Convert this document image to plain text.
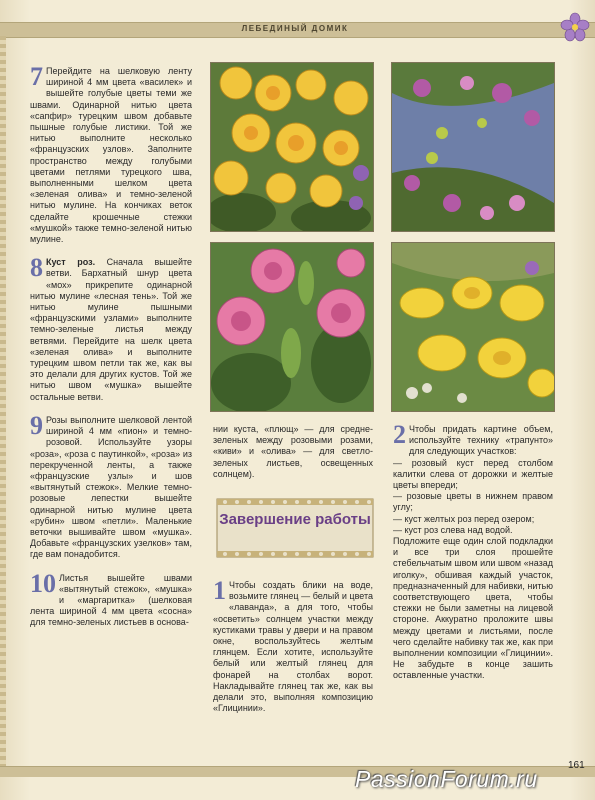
ЛЕБЕДИНЫЙ ДОМИК
7 Перейдите на шелковую ленту шириной 4 мм цвета «василек» и вышейте голубые цветы теми же швами. Одинарной нитью цвета «сапфир» турецким швом добавьте пышные голубые листики. Той же нитью выполните несколько «французских узлов». Заполните пространство между голубыми цветами петлями турецкого шва, выполненными шелком цвета «зеленая олива» и темно-зеленой нитью мулине. На кончиках веток сделайте крошечные стежки «мушкой» также темно-зеленой нитью мулине.
8 Куст роз. Сначала вышейте ветви. Бархатный шнур цвета «мох» прикрепите одинарной нитью мулине «лесная тень». Той же нитью мулине пышными «французскими узлами» выполните темно-зеленые листья между ветвями. Перейдите на шелк цвета «зеленая олива» и выполните турецким швом петли так же, как вы это делали для других кустов. Той же нитью швом «мушка» вышейте остальные ветви.
9 Розы выполните шелковой лентой шириной 4 мм «пион» и темно-розовой. Используйте узоры «роза», «роза с паутинкой», «роза» из перекрученной ленты, а также «французские узлы» и шов «вытянутый стежок». Мелкие темно-розовые лепестки вышейте одинарной нитью мулине цвета «рубин» швом «петли». Маленькие веточки вышивайте швом «мушка». Добавьте «французских узелков» там, где вам понадобится.
10 Листья вышейте швами «вытянутый стежок», «мушка» и «маргаритка» (шелковая лента шириной 4 мм цвета «сосна» для темно-зеленых листьев в основа-
нии куста, «плющ» — для средне-зеленых между розовыми розами, «киви» и «олива» — для светло-зеленых листьев, освещенных солнцем).
Завершение работы
1 Чтобы создать блики на воде, возьмите глянец — белый и цвета «лаванда», а для того, чтобы «осветить» солнцем участки между кустиками травы у двери и на правом окне, воспользуйтесь желтым глянцем. Если хотите, используйте белый или желтый глянец для фонарей на столбах ворот. Накладывайте глянец так же, как вы делали это, выполняя композицию «Глицинии».
2 Чтобы придать картине объем, используйте технику «трапунто» для следующих участков:
— розовый куст перед столбом калитки слева от дорожки и желтые цветы впереди;
— розовые цветы в нижнем правом углу;
— куст желтых роз перед озером;
— куст роз слева над водой.
Подложите еще один слой подкладки и все три слоя прошейте стебельчатым швом или швом «назад иголку», обшивая каждый участок, предназначенный для набивки, нитью соответствующего цвета, чтобы стежки не были заметны на лицевой стороне. Аккуратно проложите швы между цветами и листьями, после чего сделайте набивку так же, как при выполнении композиции «Глицинии». Не забудьте в конце зашить оставленные участки.
161
PassionForum.ru
